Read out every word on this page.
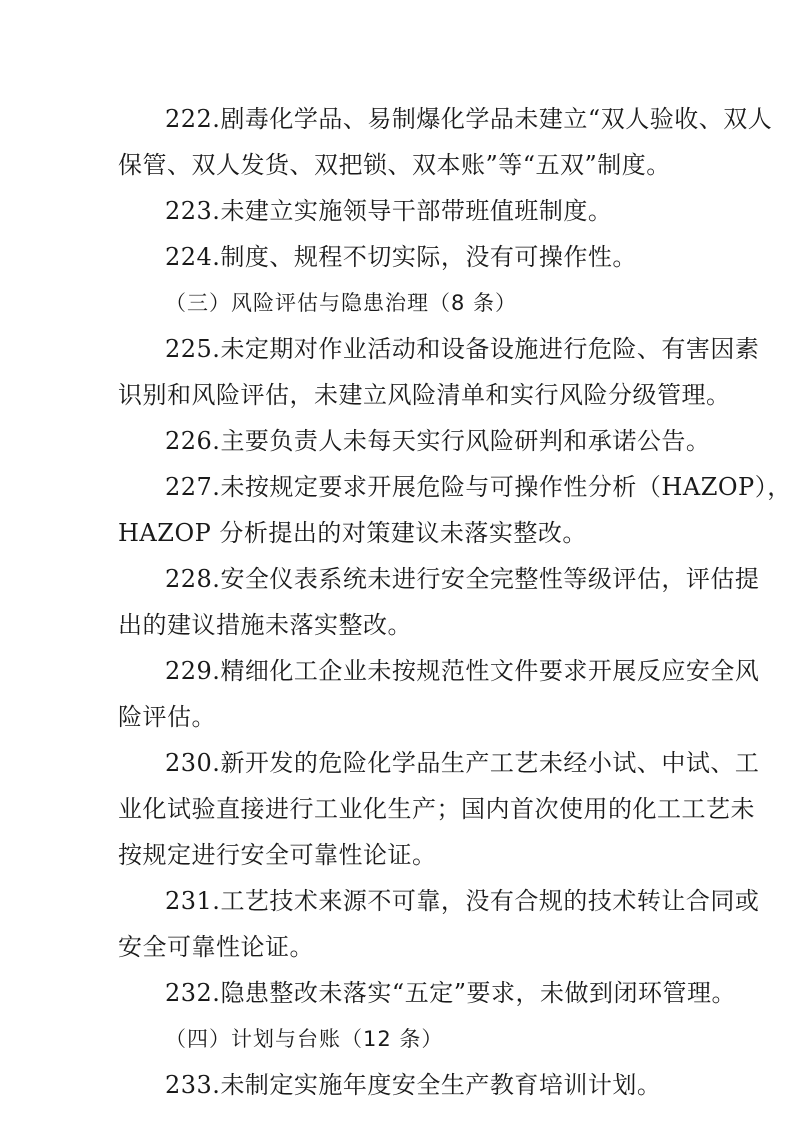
222.剧毒化学品、易制爆化学品未建立“双人验收、双人
保管、双人发货、双把锁、双本账”等“五双”制度。
223.未建立实施领导干部带班值班制度。
224.制度、规程不切实际，没有可操作性。
（三）风险评估与隐患治理（8 条）
225.未定期对作业活动和设备设施进行危险、有害因素
识别和风险评估，未建立风险清单和实行风险分级管理。
226.主要负责人未每天实行风险研判和承诺公告。
227.未按规定要求开展危险与可操作性分析（HAZOP），
HAZOP 分析提出的对策建议未落实整改。
228.安全仪表系统未进行安全完整性等级评估，评估提
出的建议措施未落实整改。
229.精细化工企业未按规范性文件要求开展反应安全风
险评估。
230.新开发的危险化学品生产工艺未经小试、中试、工
业化试验直接进行工业化生产；国内首次使用的化工工艺未
按规定进行安全可靠性论证。
231.工艺技术来源不可靠，没有合规的技术转让合同或
安全可靠性论证。
232.隐患整改未落实“五定”要求，未做到闭环管理。
（四）计划与台账（12 条）
233.未制定实施年度安全生产教育培训计划。
